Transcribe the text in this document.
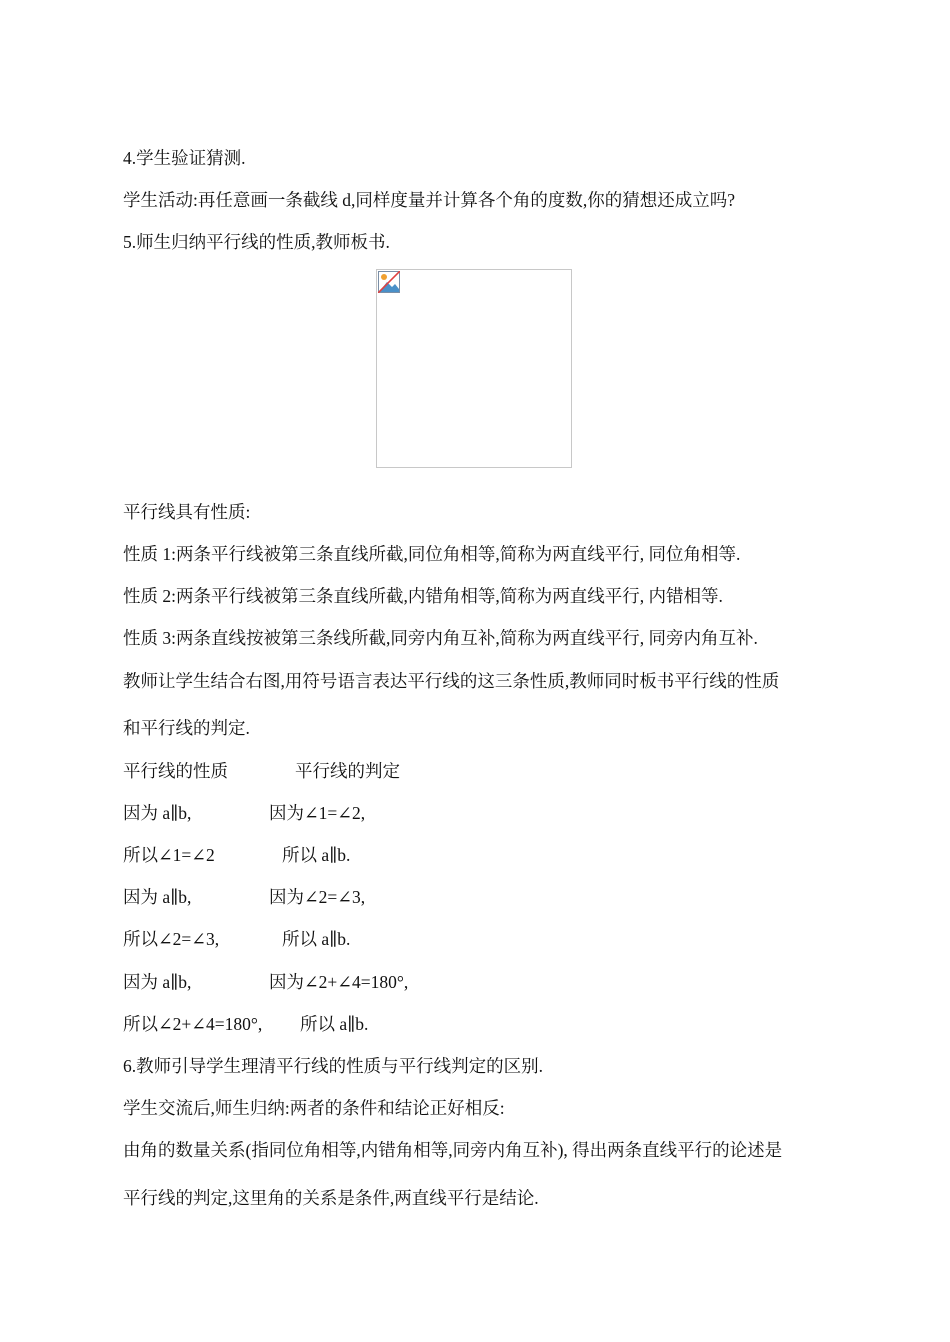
4.学生验证猜测.
学生活动:再任意画一条截线 d,同样度量并计算各个角的度数,你的猜想还成立吗?
5.师生归纳平行线的性质,教师板书.
平行线具有性质:
性质 1:两条平行线被第三条直线所截,同位角相等,简称为两直线平行, 同位角相等.
性质 2:两条平行线被第三条直线所截,内错角相等,简称为两直线平行, 内错相等.
性质 3:两条直线按被第三条线所截,同旁内角互补,简称为两直线平行, 同旁内角互补.
教师让学生结合右图,用符号语言表达平行线的这三条性质,教师同时板书平行线的性质
和平行线的判定.
平行线的性质	平行线的判定
因为 a∥b,	因为∠1=∠2,
所以∠1=∠2	所以 a∥b.
因为 a∥b,	因为∠2=∠3,
所以∠2=∠3,	所以 a∥b.
因为 a∥b,	因为∠2+∠4=180°,
所以∠2+∠4=180°, 所以 a∥b.
6.教师引导学生理清平行线的性质与平行线判定的区别.
学生交流后,师生归纳:两者的条件和结论正好相反:
由角的数量关系(指同位角相等,内错角相等,同旁内角互补), 得出两条直线平行的论述是
平行线的判定,这里角的关系是条件,两直线平行是结论.
